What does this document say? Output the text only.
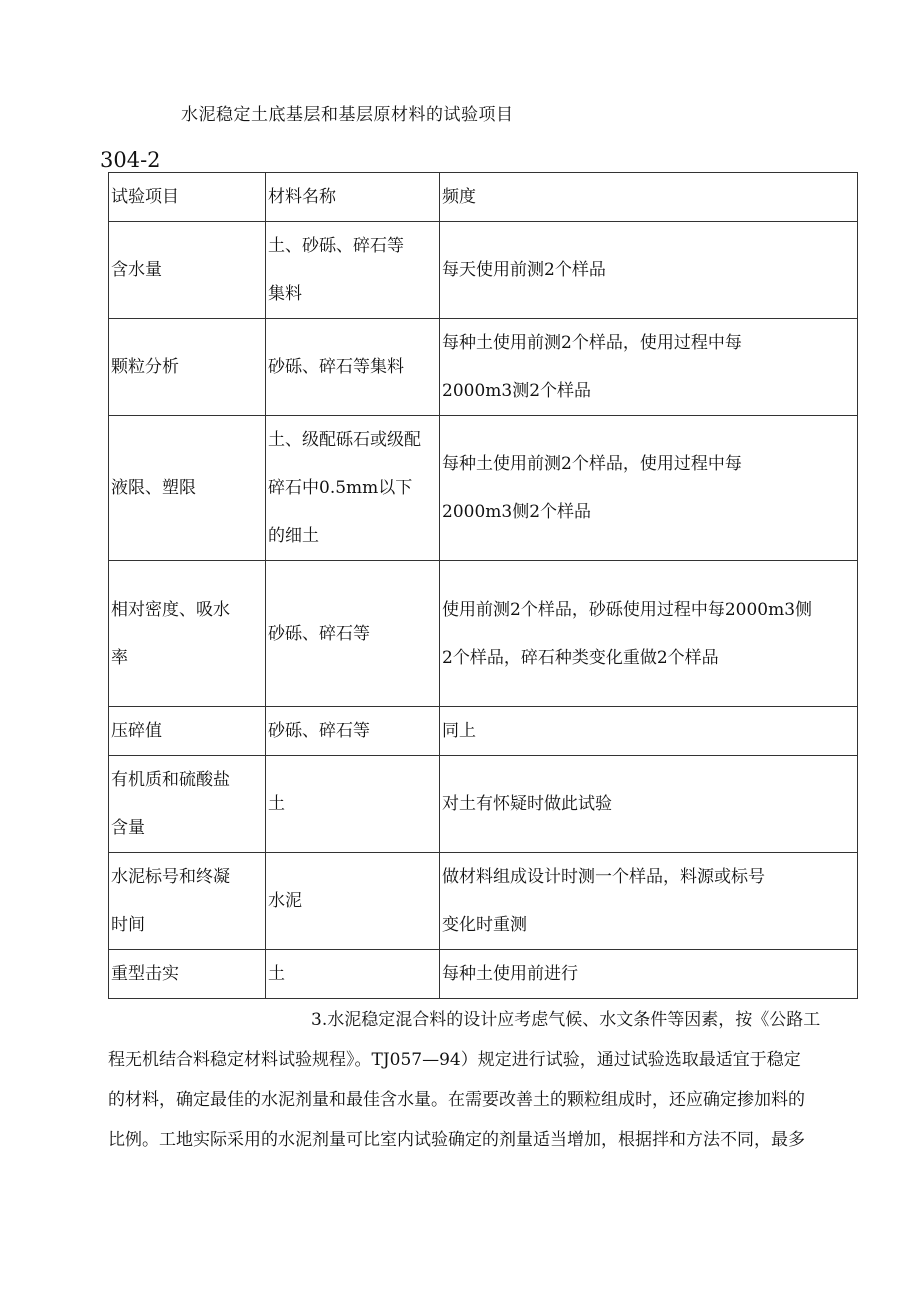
水泥稳定土底基层和基层原材料的试验项目
304-2
试验项目	材料名称	频度

含水量	土、砂砾、碎石等
集料	每天使用前测2个样品

颗粒分析	砂砾、碎石等集料	每种土使用前测2个样品，使用过程中每
2000m3测2个样品

液限、塑限	土、级配砾石或级配
碎石中0.5mm以下
的细土	每种土使用前测2个样品，使用过程中每
2000m3侧2个样品

相对密度、吸水
率	砂砾、碎石等	使用前测2个样品，砂砾使用过程中每2000m3侧
2个样品，碎石种类变化重做2个样品

压碎值	砂砾、碎石等	同上

有机质和硫酸盐
含量	土	对土有怀疑时做此试验

水泥标号和终凝
时间	水泥	做材料组成设计时测一个样品，料源或标号
变化时重测

重型击实	土	每种土使用前进行
3.水泥稳定混合料的设计应考虑气候、水文条件等因素，按《公路工
程无机结合料稳定材料试验规程》。TJ057—94）规定进行试验，通过试验选取最适宜于稳定
的材料，确定最佳的水泥剂量和最佳含水量。在需要改善土的颗粒组成时，还应确定掺加料的
比例。工地实际采用的水泥剂量可比室内试验确定的剂量适当增加，根据拌和方法不同，最多
